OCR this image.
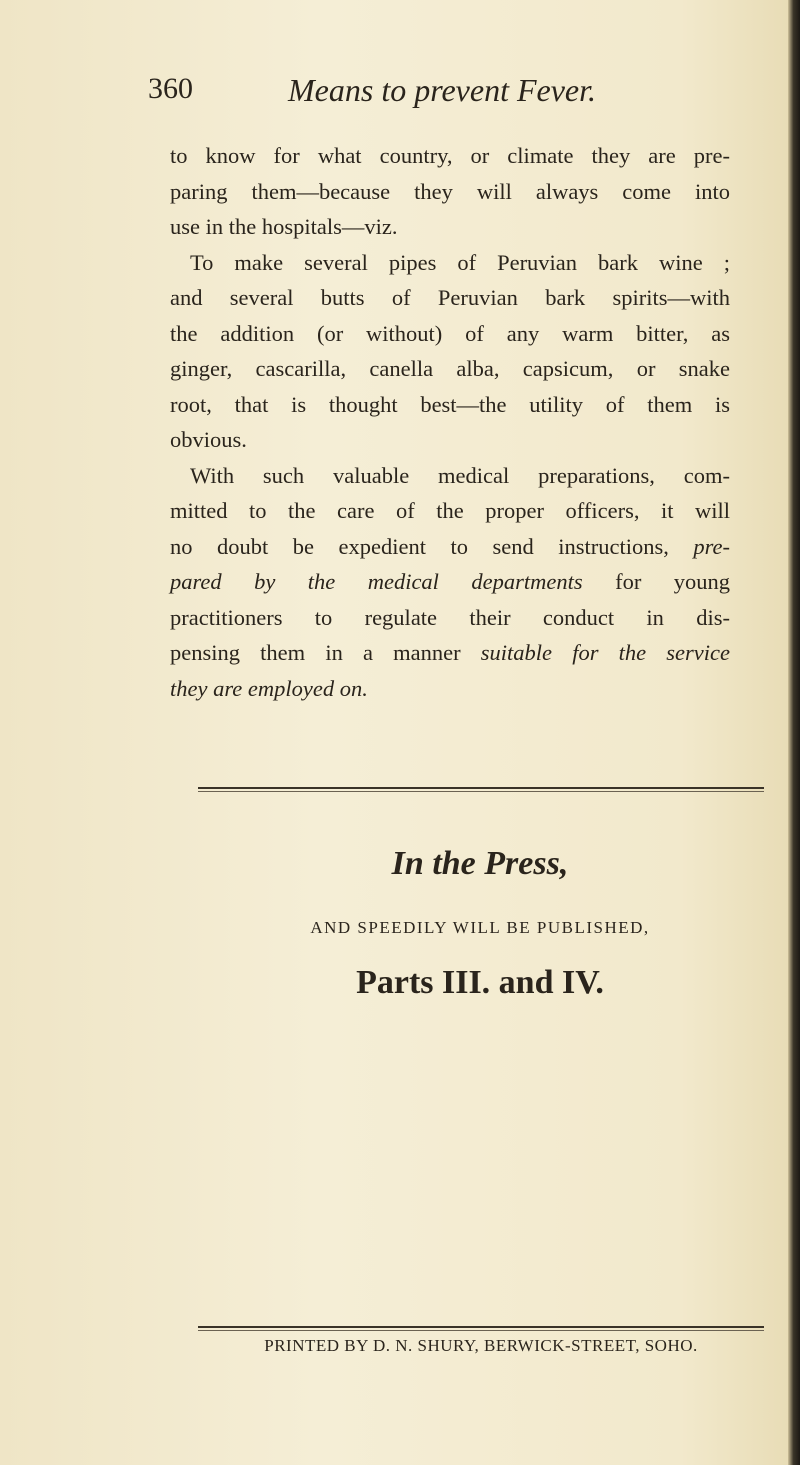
360	Means to prevent Fever.
to know for what country, or climate they are pre-
paring them—because they will always come into
use in the hospitals—viz.
To make several pipes of Peruvian bark wine ;
and several butts of Peruvian bark spirits—with
the addition (or without) of any warm bitter, as
ginger, cascarilla, canella alba, capsicum, or snake
root, that is thought best—the utility of them is
obvious.
With such valuable medical preparations, com-
mitted to the care of the proper officers, it will
no doubt be expedient to send instructions, pre-
pared by the medical departments for young
practitioners to regulate their conduct in dis-
pensing them in a manner suitable for the service
they are employed on.
In the Press,
AND SPEEDILY WILL BE PUBLISHED,
Parts III. and IV.
PRINTED BY D. N. SHURY, BERWICK-STREET, SOHO.
